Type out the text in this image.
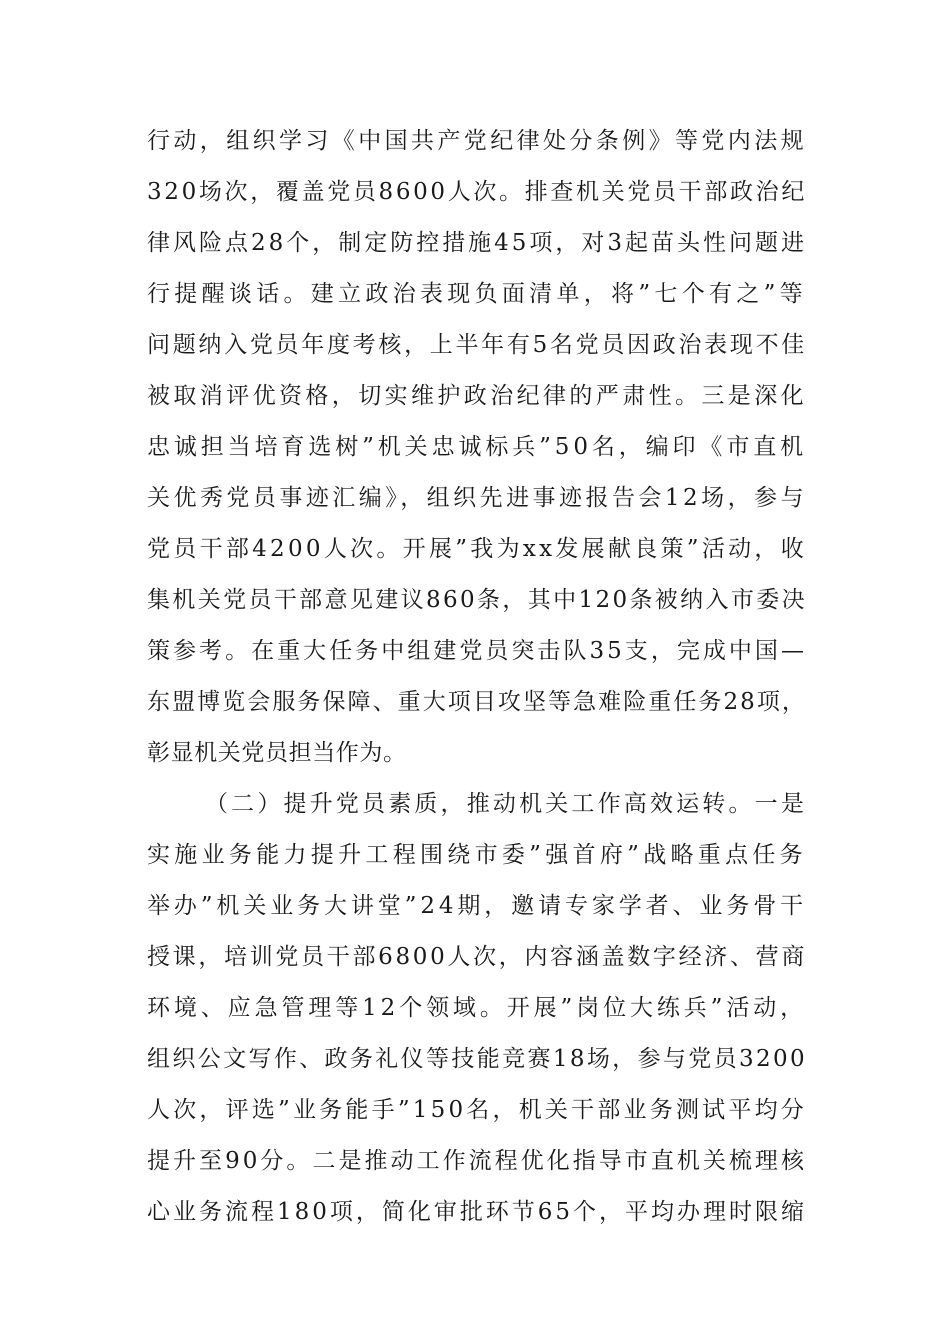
行动，组织学习《中国共产党纪律处分条例》等党内法规
320场次，覆盖党员8600人次。排查机关党员干部政治纪
律风险点28个，制定防控措施45项，对3起苗头性问题进
行提醒谈话。建立政治表现负面清单，将”七个有之”等
问题纳入党员年度考核，上半年有5名党员因政治表现不佳
被取消评优资格，切实维护政治纪律的严肃性。三是深化
忠诚担当培育选树”机关忠诚标兵”50名，编印《市直机
关优秀党员事迹汇编》，组织先进事迹报告会12场，参与
党员干部4200人次。开展”我为xx发展献良策”活动，收
集机关党员干部意见建议860条，其中120条被纳入市委决
策参考。在重大任务中组建党员突击队35支，完成中国—
东盟博览会服务保障、重大项目攻坚等急难险重任务28项，
彰显机关党员担当作为。
（二）提升党员素质，推动机关工作高效运转。一是
实施业务能力提升工程围绕市委”强首府”战略重点任务
举办”机关业务大讲堂”24期，邀请专家学者、业务骨干
授课，培训党员干部6800人次，内容涵盖数字经济、营商
环境、应急管理等12个领域。开展”岗位大练兵”活动，
组织公文写作、政务礼仪等技能竞赛18场，参与党员3200
人次，评选”业务能手”150名，机关干部业务测试平均分
提升至90分。二是推动工作流程优化指导市直机关梳理核
心业务流程180项，简化审批环节65个，平均办理时限缩
